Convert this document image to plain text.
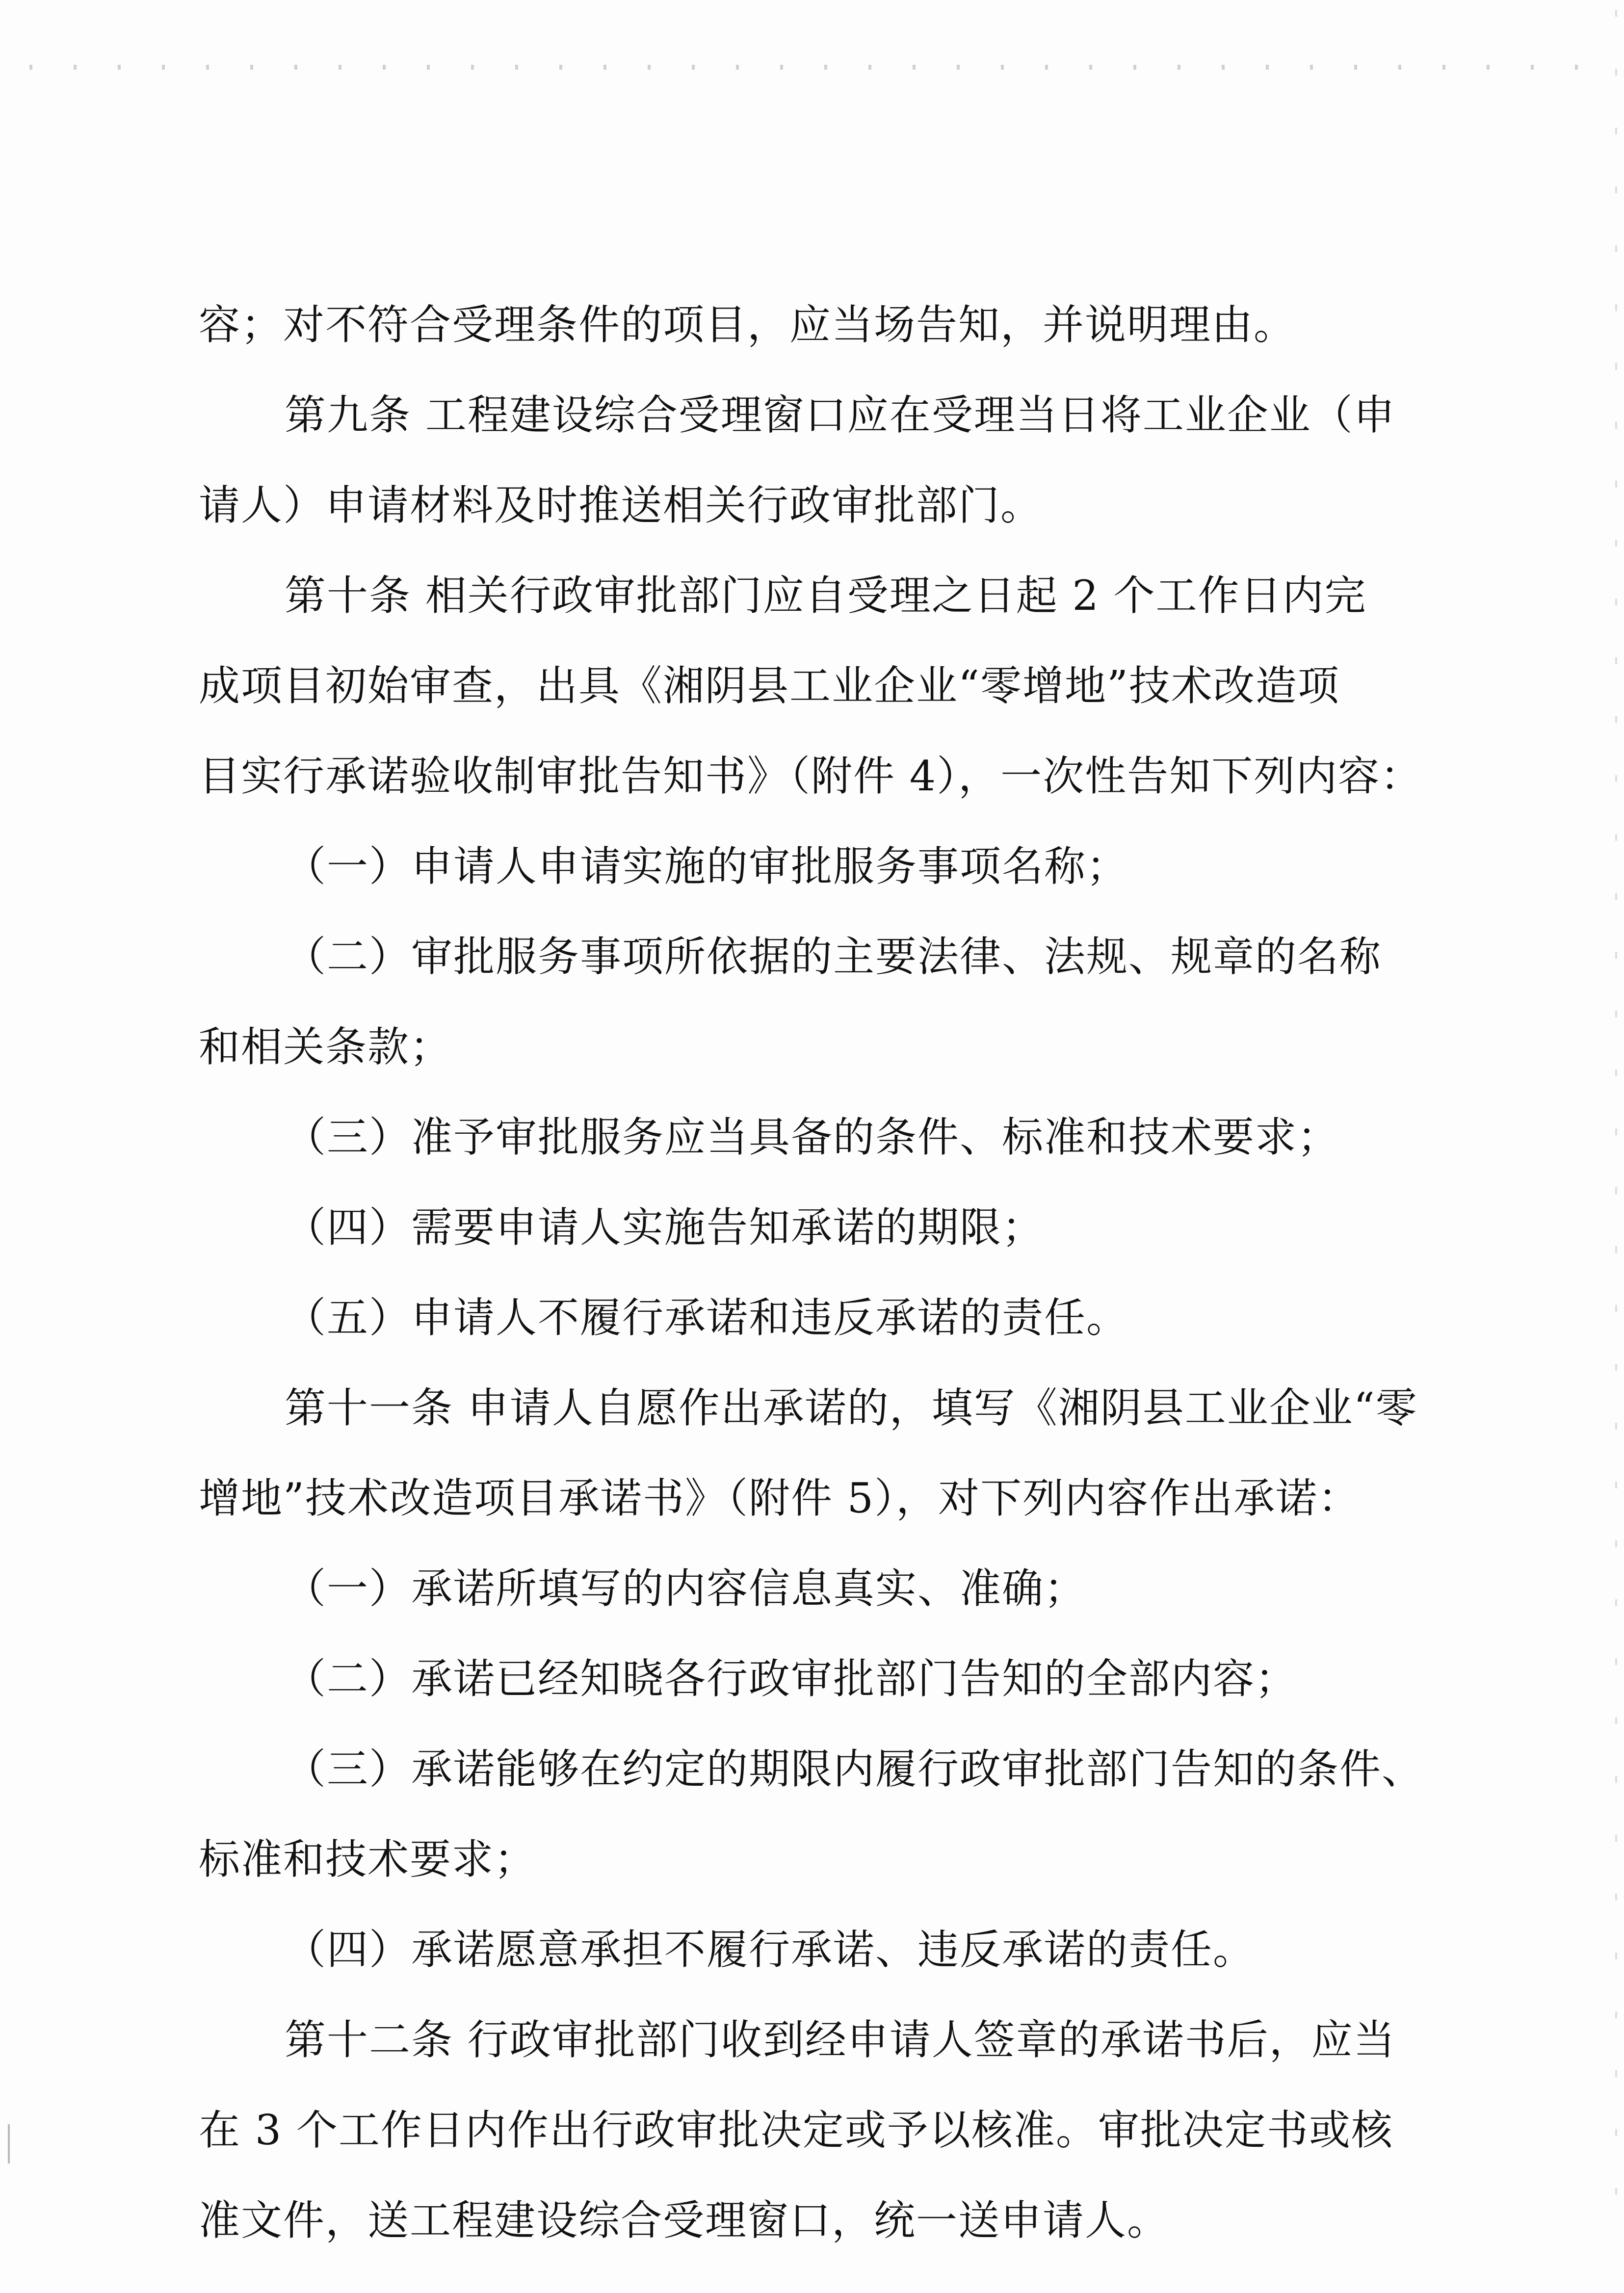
容；对不符合受理条件的项目，应当场告知，并说明理由。
第九条 工程建设综合受理窗口应在受理当日将工业企业（申
请人）申请材料及时推送相关行政审批部门。
第十条 相关行政审批部门应自受理之日起 2 个工作日内完
成项目初始审查，出具《湘阴县工业企业“零增地”技术改造项
目实行承诺验收制审批告知书》（附件 4），一次性告知下列内容：
（一）申请人申请实施的审批服务事项名称；
（二）审批服务事项所依据的主要法律、法规、规章的名称
和相关条款；
（三）准予审批服务应当具备的条件、标准和技术要求；
（四）需要申请人实施告知承诺的期限；
（五）申请人不履行承诺和违反承诺的责任。
第十一条 申请人自愿作出承诺的，填写《湘阴县工业企业“零
增地”技术改造项目承诺书》（附件 5），对下列内容作出承诺：
（一）承诺所填写的内容信息真实、准确；
（二）承诺已经知晓各行政审批部门告知的全部内容；
（三）承诺能够在约定的期限内履行政审批部门告知的条件、
标准和技术要求；
（四）承诺愿意承担不履行承诺、违反承诺的责任。
第十二条 行政审批部门收到经申请人签章的承诺书后，应当
在 3 个工作日内作出行政审批决定或予以核准。审批决定书或核
准文件，送工程建设综合受理窗口，统一送申请人。
